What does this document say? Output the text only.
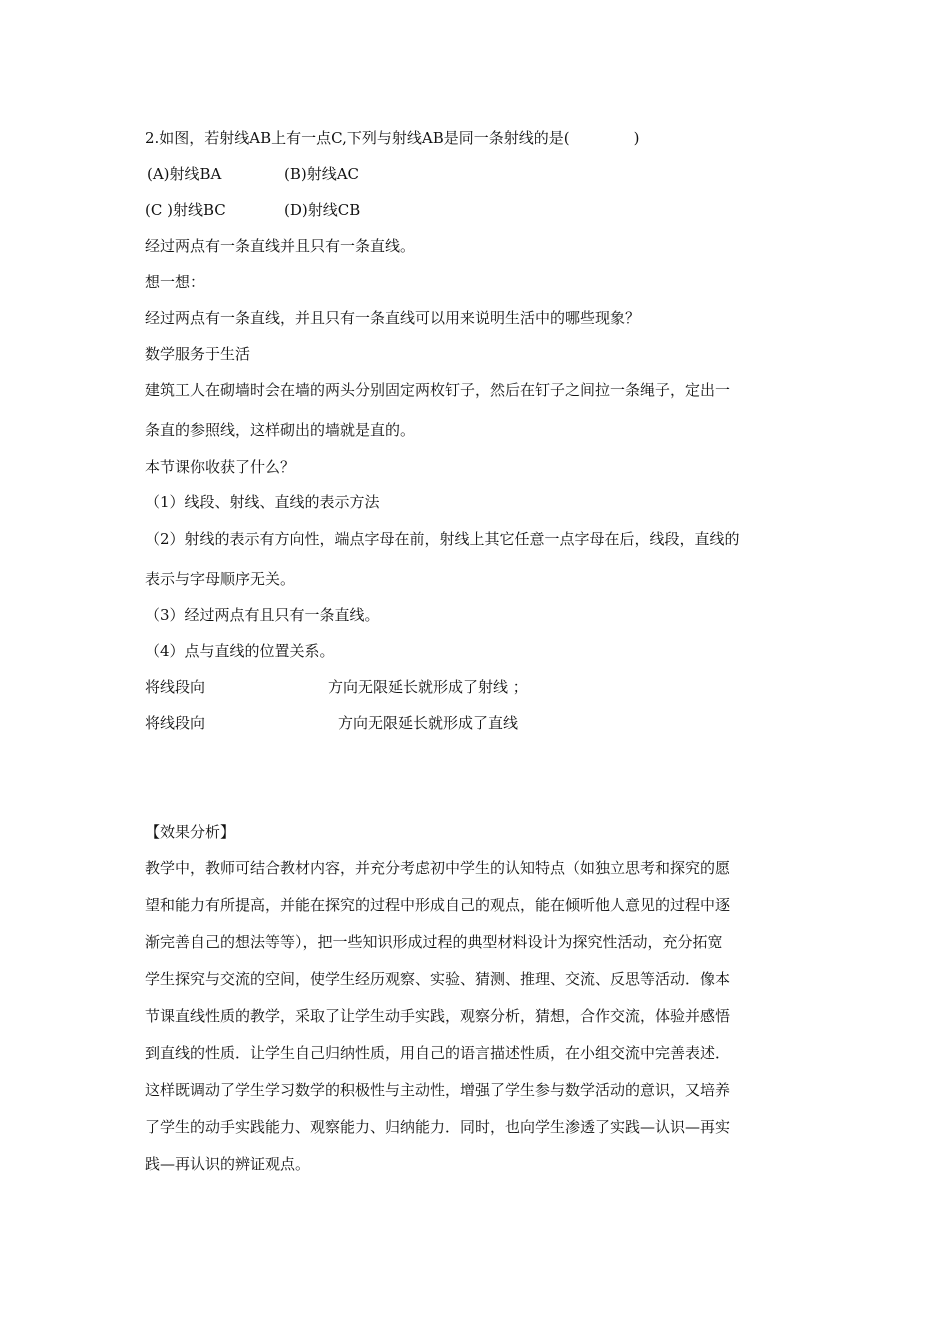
2.如图，若射线AB上有一点C,下列与射线AB是同一条射线的是(	)
(A)射线BA	(B)射线AC
(C )射线BC	(D)射线CB
经过两点有一条直线并且只有一条直线。
想一想：
经过两点有一条直线，并且只有一条直线可以用来说明生活中的哪些现象？
数学服务于生活
建筑工人在砌墙时会在墙的两头分别固定两枚钉子，然后在钉子之间拉一条绳子，定出一
条直的参照线，这样砌出的墙就是直的。
本节课你收获了什么？
（1）线段、射线、直线的表示方法
（2）射线的表示有方向性，端点字母在前，射线上其它任意一点字母在后，线段，直线的
表示与字母顺序无关。
（3）经过两点有且只有一条直线。
（4）点与直线的位置关系。
将线段向	方向无限延长就形成了射线 ；
将线段向	方向无限延长就形成了直线
【效果分析】
教学中，教师可结合教材内容，并充分考虑初中学生的认知特点（如独立思考和探究的愿
望和能力有所提高，并能在探究的过程中形成自己的观点，能在倾听他人意见的过程中逐
渐完善自己的想法等等），把一些知识形成过程的典型材料设计为探究性活动，充分拓宽
学生探究与交流的空间，使学生经历观察、实验、猜测、推理、交流、反思等活动．像本
节课直线性质的教学，采取了让学生动手实践，观察分析，猜想，合作交流，体验并感悟
到直线的性质．让学生自己归纳性质，用自己的语言描述性质，在小组交流中完善表述．
这样既调动了学生学习数学的积极性与主动性，增强了学生参与数学活动的意识，又培养
了学生的动手实践能力、观察能力、归纳能力．同时，也向学生渗透了实践—认识—再实
践—再认识的辨证观点。
